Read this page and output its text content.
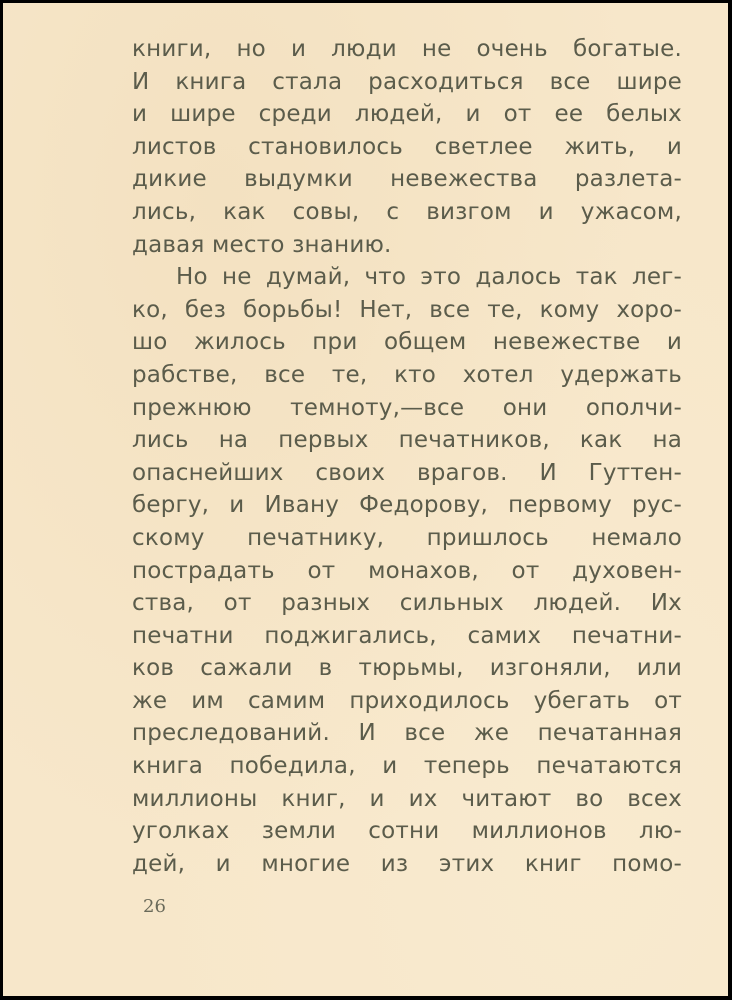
книги, но и люди не очень богатые.
И книга стала расходиться все шире
и шире среди людей, и от ее белых
листов становилось светлее жить, и
дикие выдумки невежества разлета-
лись, как совы, с визгом и ужасом,
давая место знанию.
Но не думай, что это далось так лег-
ко, без борьбы! Нет, все те, кому хоро-
шо жилось при общем невежестве и
рабстве, все те, кто хотел удержать
прежнюю темноту,—все они ополчи-
лись на первых печатников, как на
опаснейших своих врагов. И Гуттен-
бергу, и Ивану Федорову, первому рус-
скому печатнику, пришлось немало
пострадать от монахов, от духовен-
ства, от разных сильных людей. Их
печатни поджигались, самих печатни-
ков сажали в тюрьмы, изгоняли, или
же им самим приходилось убегать от
преследований. И все же печатанная
книга победила, и теперь печатаются
миллионы книг, и их читают во всех
уголках земли сотни миллионов лю-
дей, и многие из этих книг помо-
26
